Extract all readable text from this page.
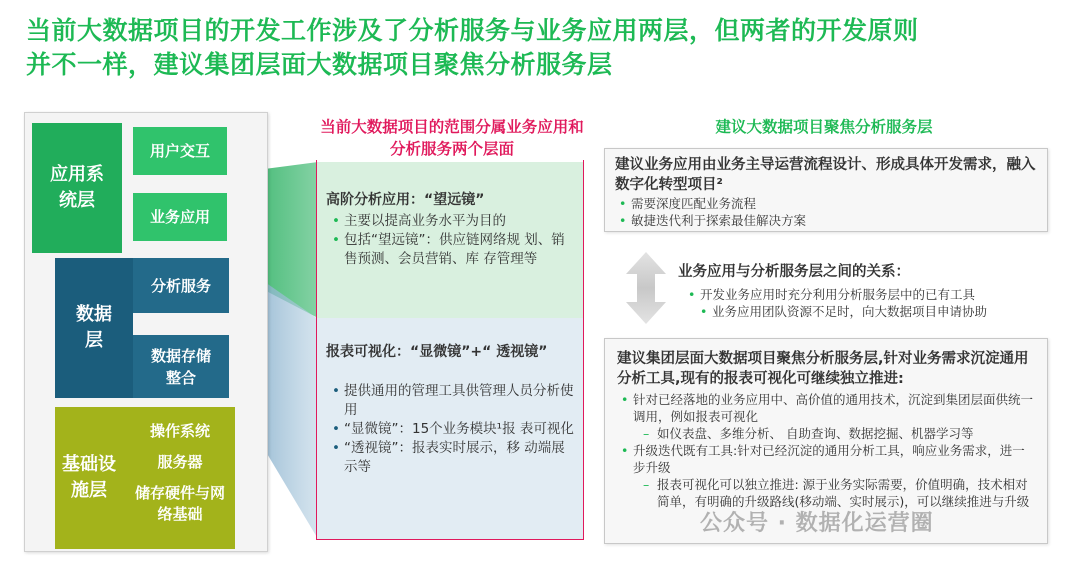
当前大数据项目的开发工作涉及了分析服务与业务应用两层，但两者的开发原则
并不一样，建议集团层面大数据项目聚焦分析服务层
应用系统层
用户交互
业务应用
数据层
分析服务
数据存储整合
基础设施层
操作系统
服务器
储存硬件与网络基础
当前大数据项目的范围分属业务应用和分析服务两个层面
高阶分析应用：“望远镜”
• 主要以提高业务水平为目的
• 包括“望远镜”：供应链网络规 划、销售预测、会员营销、库 存管理等
报表可视化：“显微镜”+“ 透视镜”
• 提供通用的管理工具供管理人员分析使用
• “显微镜”：15个业务模块¹报 表可视化
• “透视镜”：报表实时展示，移 动端展示等
建议大数据项目聚焦分析服务层
建议业务应用由业务主导运营流程设计、形成具体开发需求，融入数字化转型项目²
• 需要深度匹配业务流程
• 敏捷迭代利于探索最佳解决方案
业务应用与分析服务层之间的关系：
• 开发业务应用时充分利用分析服务层中的已有工具
• 业务应用团队资源不足时，向大数据项目申请协助
建议集团层面大数据项目聚焦分析服务层,针对业务需求沉淀通用分析工具,现有的报表可视化可继续独立推进:
• 针对已经落地的业务应用中、高价值的通用技术，沉淀到集团层面供统一调用，例如报表可视化
– 如仪表盘、多维分析、 自助查询、数据挖掘、机器学习等
• 升级迭代既有工具:针对已经沉淀的通用分析工具，响应业务需求，进一步升级
– 报表可视化可以独立推进: 源于业务实际需要，价值明确，技术相对简单，有明确的升级路线(移动端、实时展示)，可以继续推进与升级
公众号 · 数据化运营圈
